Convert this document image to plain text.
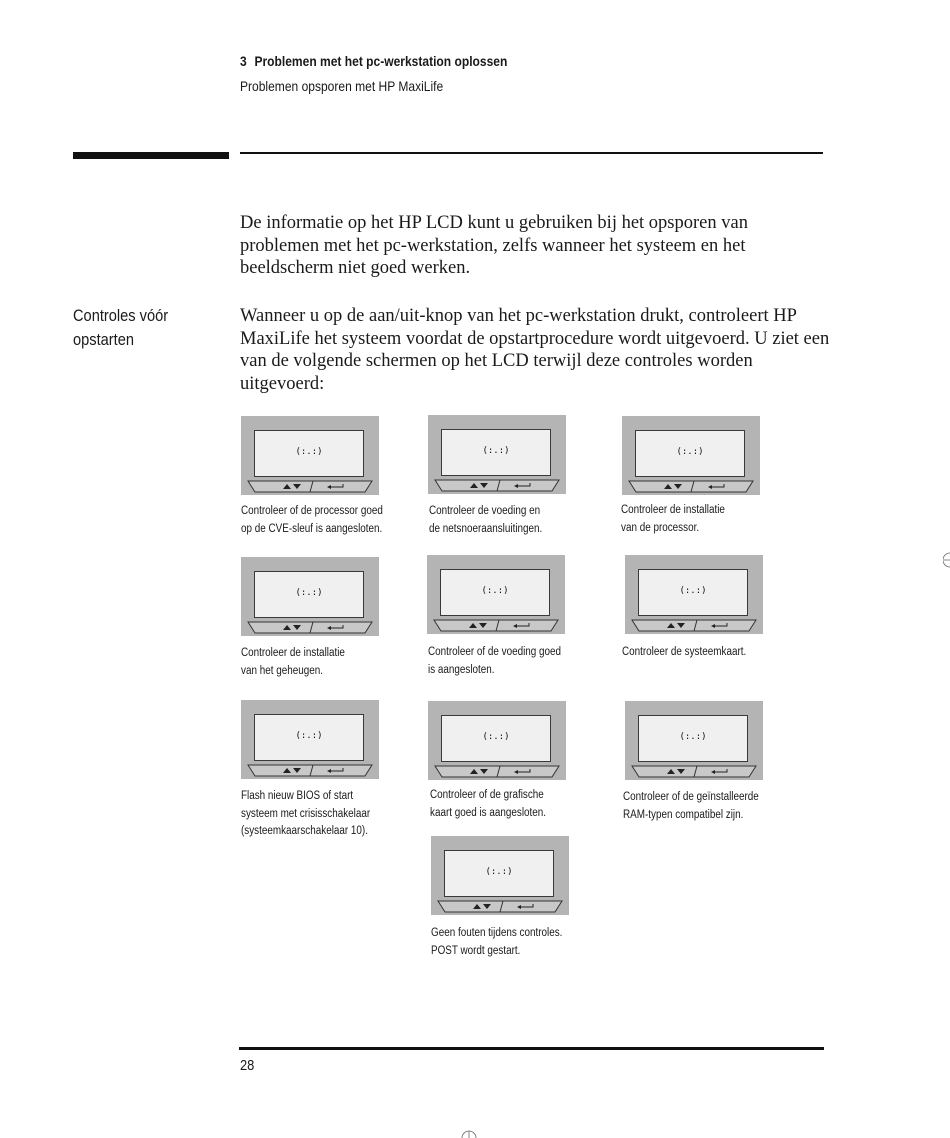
3 Problemen met het pc-werkstation oplossen
Problemen opsporen met HP MaxiLife
De informatie op het HP LCD kunt u gebruiken bij het opsporen van problemen met het pc-werkstation, zelfs wanneer het systeem en het beeldscherm niet goed werken.
Controles vóór
opstarten
Wanneer u op de aan/uit-knop van het pc-werkstation drukt, controleert HP MaxiLife het systeem voordat de opstartprocedure wordt uitgevoerd. U ziet een van de volgende schermen op het LCD terwijl deze controles worden uitgevoerd:
(:.:)
Controleer of de processor goed
op de CVE-sleuf is aangesloten.
(:.:)
Controleer de voeding en
de netsnoeraansluitingen.
(:.:)
Controleer de installatie
van de processor.
(:.:)
Controleer de installatie
van het geheugen.
(:.:)
Controleer of de voeding goed
is aangesloten.
(:.:)
Controleer de systeemkaart.
(:.:)
Flash nieuw BIOS of start
systeem met crisisschakelaar
(systeemkaarschakelaar 10).
(:.:)
Controleer of de grafische
kaart goed is aangesloten.
(:.:)
Controleer of de geïnstalleerde
RAM-typen compatibel zijn.
(:.:)
Geen fouten tijdens controles.
POST wordt gestart.
28
